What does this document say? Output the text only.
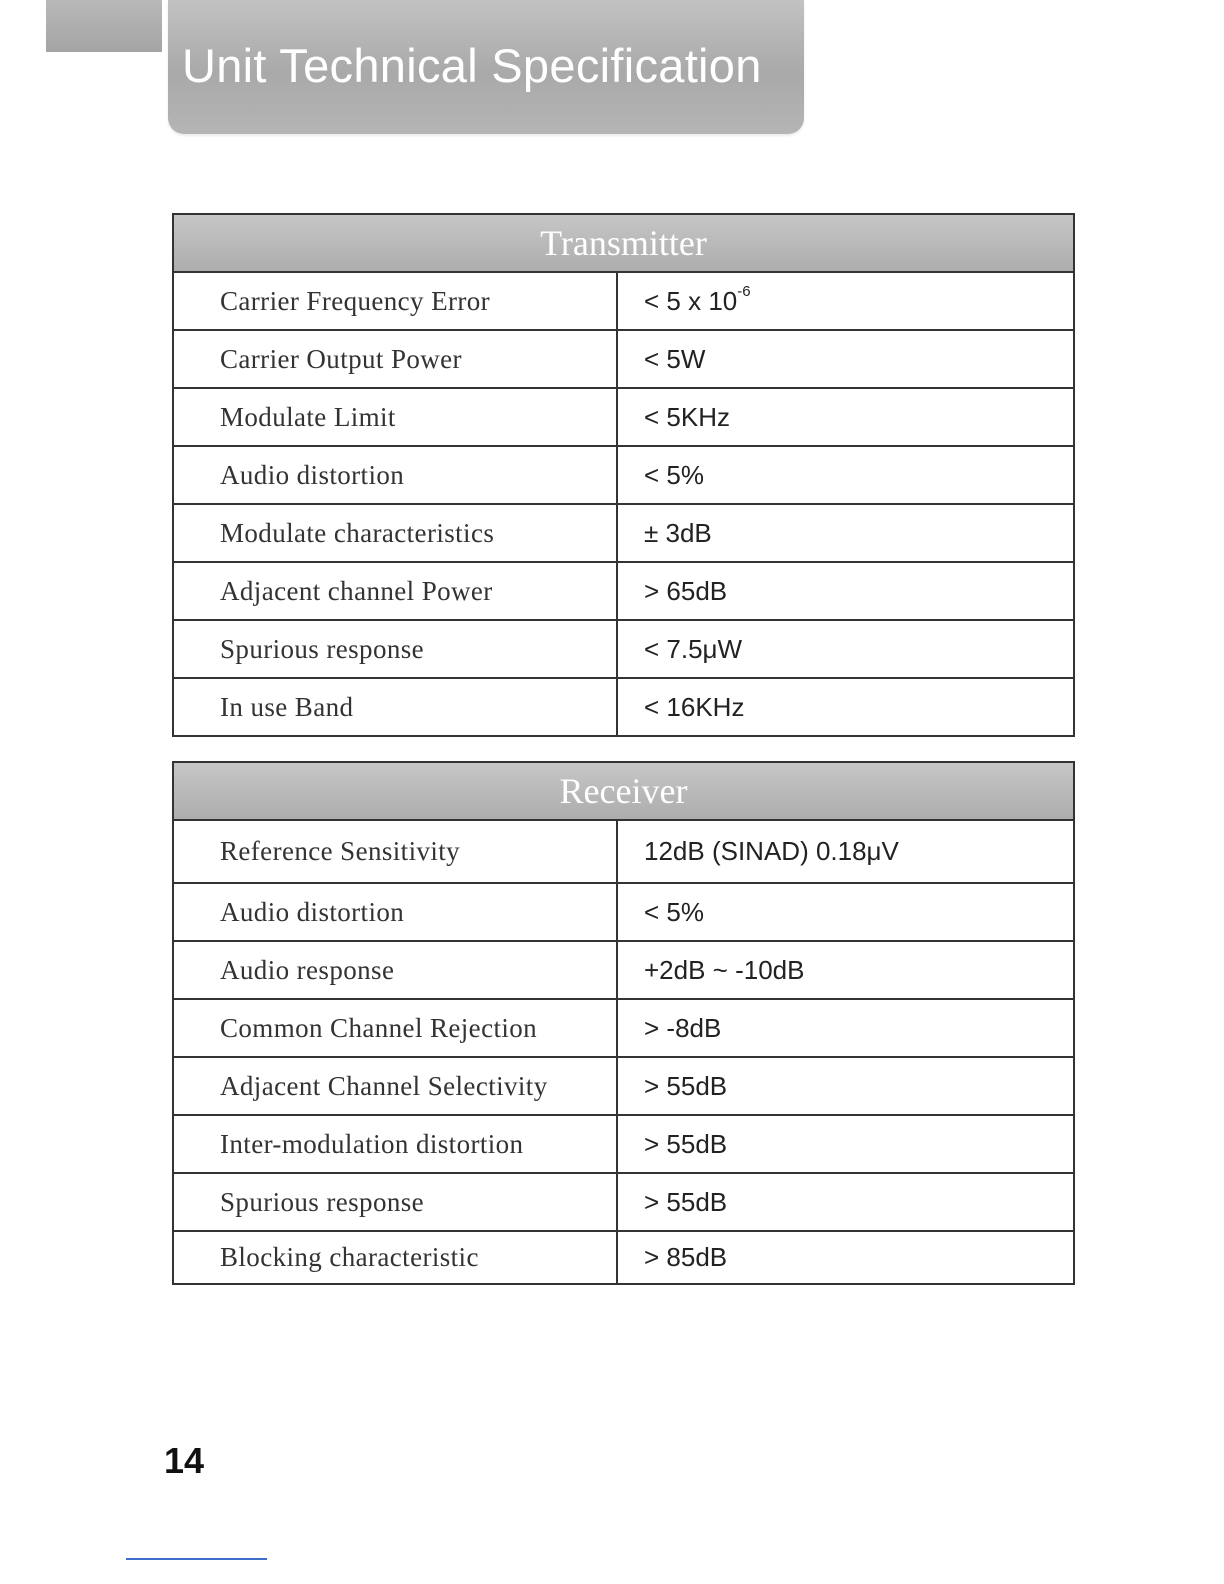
Unit Technical Specification
Transmitter	
Carrier Frequency Error	< 5 x $10^{-6}$
Carrier Output Power	< 5W
Modulate Limit	< 5KHz
Audio distortion	< 5%
Modulate characteristics	± 3dB
Adjacent channel Power	> 65dB
Spurious response	< 7.5μW
In use Band	< 16KHz
Receiver	
Reference Sensitivity	12dB (SINAD) 0.18μV
Audio distortion	< 5%
Audio response	+2dB ~ -10dB
Common Channel Rejection	> -8dB
Adjacent Channel Selectivity	> 55dB
Inter-modulation distortion	> 55dB
Spurious response	> 55dB
Blocking characteristic	> 85dB
14
